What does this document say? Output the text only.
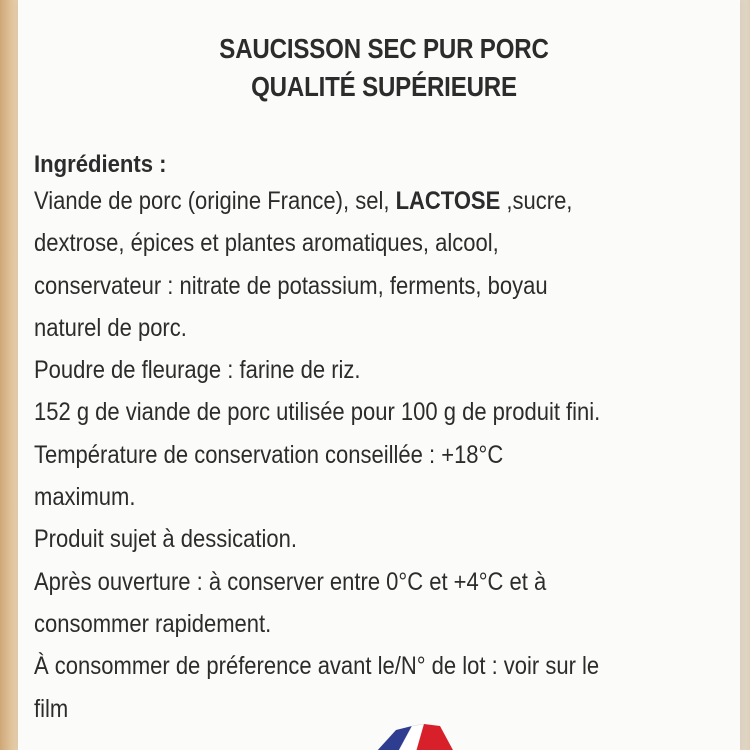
SAUCISSON SEC PUR PORC
QUALITÉ SUPÉRIEURE
Ingrédients :
Viande de porc (origine France), sel, LACTOSE ,sucre,
dextrose, épices et plantes aromatiques, alcool,
conservateur : nitrate de potassium, ferments, boyau
naturel de porc.
Poudre de fleurage : farine de riz.
152 g de viande de porc utilisée pour 100 g de produit fini.
Température de conservation conseillée : +18°C
maximum.
Produit sujet à dessication.
Après ouverture : à conserver entre 0°C et +4°C et à
consommer rapidement.
À consommer de préference avant le/N° de lot : voir sur le
film
